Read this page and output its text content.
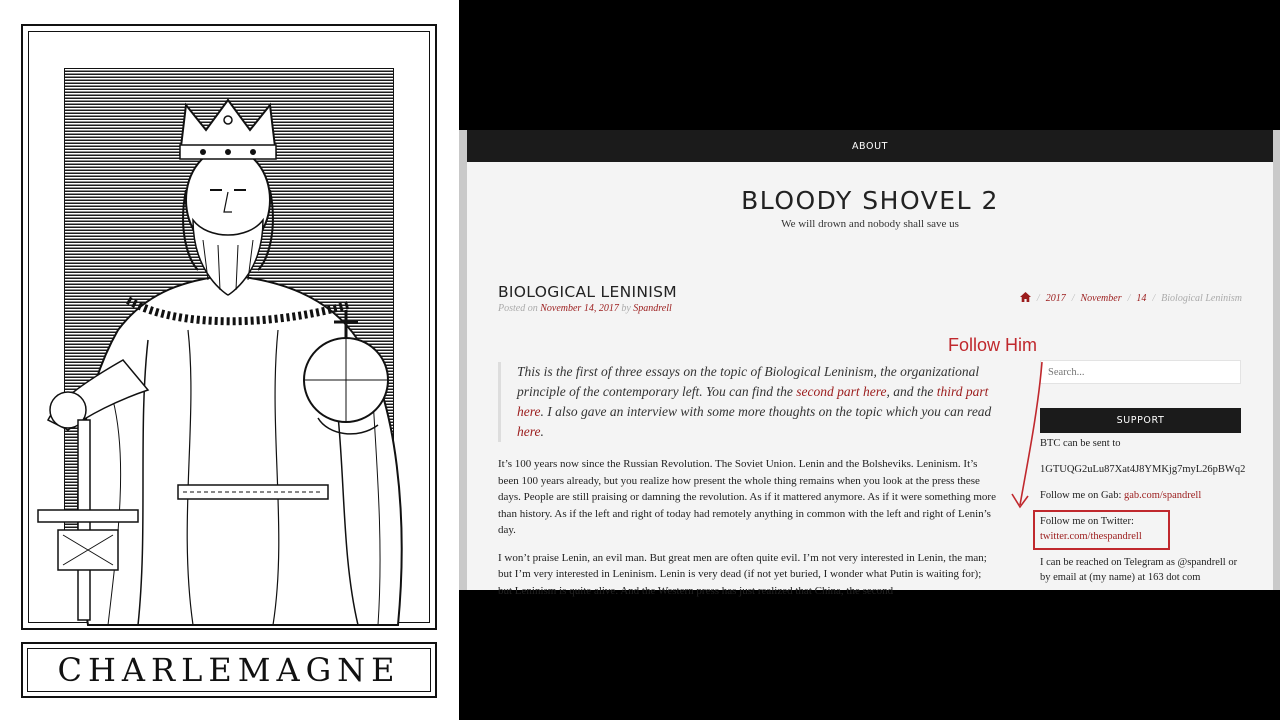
CHARLEMAGNE
ABOUT
BLOODY SHOVEL 2
We will drown and nobody shall save us
BIOLOGICAL LENINISM
Posted on November 14, 2017 by Spandrell
/ 2017 / November / 14 / Biological Leninism
This is the first of three essays on the topic of Biological Leninism, the organizational principle of the contemporary left. You can find the second part here, and the third part here. I also gave an interview with some more thoughts on the topic which you can read here.

It’s 100 years now since the Russian Revolution. The Soviet Union. Lenin and the Bolsheviks. Leninism. It’s been 100 years already, but you realize how present the whole thing remains when you look at the press these days. People are still praising or damning the revolution. As if it mattered anymore. As if it were something more than history. As if the left and right of today had remotely anything in common with the left and right of Lenin’s day.

I won’t praise Lenin, an evil man. But great men are often quite evil. I’m not very interested in Lenin, the man; but I’m very interested in Leninism. Lenin is very dead (if not yet buried, I wonder what Putin is waiting for); but Leninism is quite alive. And the Western press has just realized that China, the second

Search...
SUPPORT
BTC can be sent to
1GTUQG2uLu87Xat4J8YMKjg7myL26pBWq2
Follow me on Gab: gab.com/spandrell
Follow me on Twitter:
twitter.com/thespandrell
I can be reached on Telegram as @spandrell or by email at (my name) at 163 dot com
Follow Him
